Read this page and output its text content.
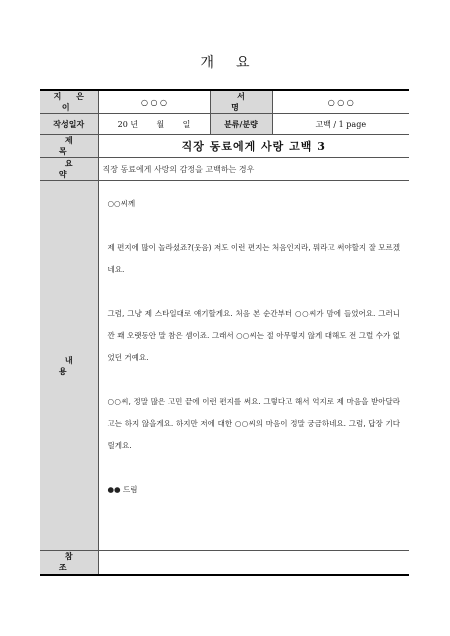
개요
지 은 이	○ ○ ○	서 명	○ ○ ○
작성일자	20 년 월 일	분류/분량	고백 / 1 page
제 목	직장 동료에게 사랑 고백 3		
요 약	직장 동료에게 사랑의 감정을 고백하는 경우		
내 용	○○씨께

제 편지에 많이 놀라셨죠?(웃음) 저도 이런 편지는 처음인지라, 뭐라고 써야할지 잘 모르겠네요.

그럼, 그냥 제 스타일대로 얘기할게요. 처음 본 순간부터 ○○씨가 맘에 들었어요. 그러니깐 꽤 오랫동안 말 참은 셈이죠. 그래서 ○○씨는 절 아무렇지 않게 대해도 전 그럴 수가 없었던 거예요.

○○씨, 정말 많은 고민 끝에 이런 편지를 써요. 그렇다고 해서 억지로 제 마음을 받아달라고는 하지 않을게요. 하지만 저에 대한 ○○씨의 마음이 정말 궁금하네요. 그럼, 답장 기다릴게요.

●● 드림		

참 조			
